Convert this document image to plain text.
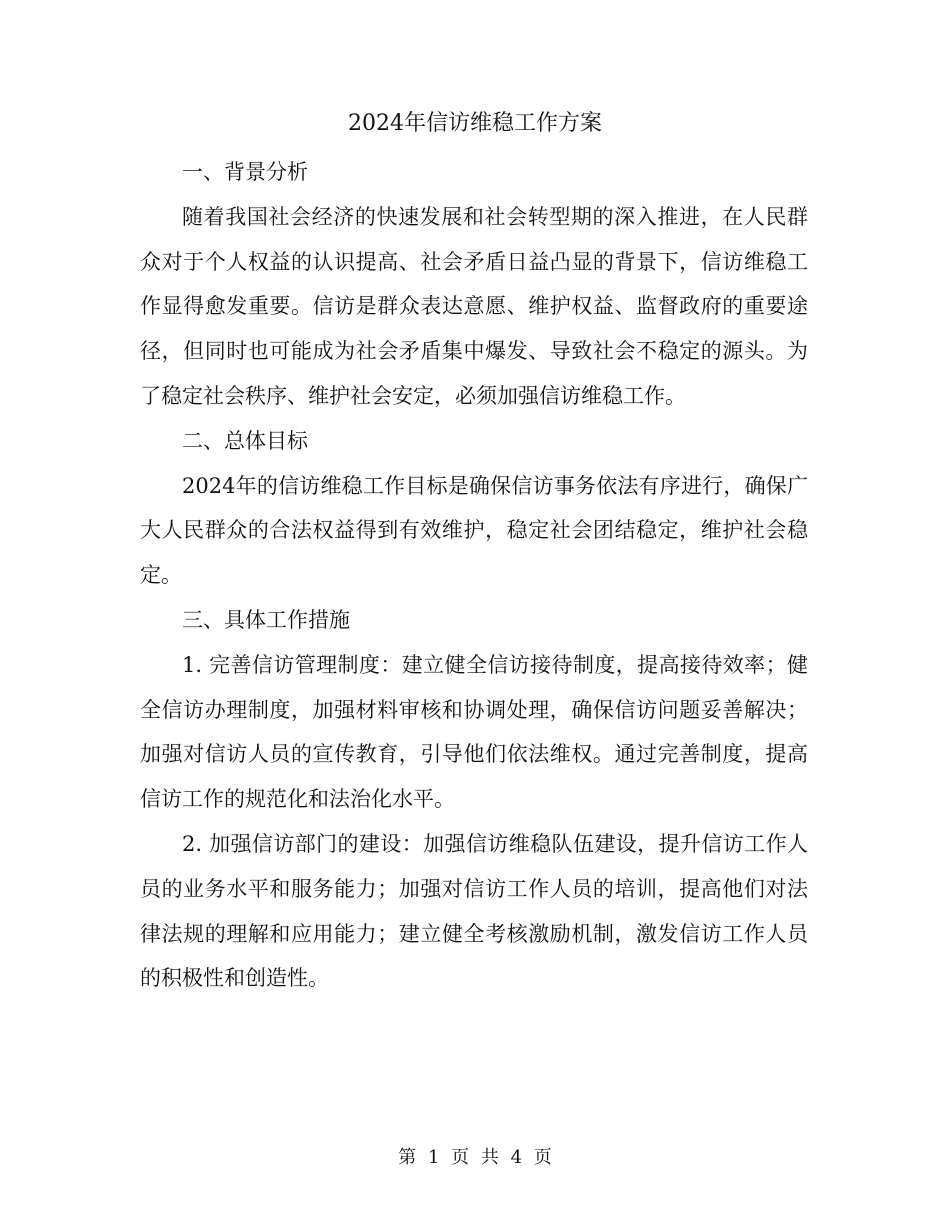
2024年信访维稳工作方案

一、背景分析

随着我国社会经济的快速发展和社会转型期的深入推进，在人民群众对于个人权益的认识提高、社会矛盾日益凸显的背景下，信访维稳工作显得愈发重要。信访是群众表达意愿、维护权益、监督政府的重要途径，但同时也可能成为社会矛盾集中爆发、导致社会不稳定的源头。为了稳定社会秩序、维护社会安定，必须加强信访维稳工作。

二、总体目标

2024年的信访维稳工作目标是确保信访事务依法有序进行，确保广大人民群众的合法权益得到有效维护，稳定社会团结稳定，维护社会稳定。

三、具体工作措施

1. 完善信访管理制度：建立健全信访接待制度，提高接待效率；健全信访办理制度，加强材料审核和协调处理，确保信访问题妥善解决；加强对信访人员的宣传教育，引导他们依法维权。通过完善制度，提高信访工作的规范化和法治化水平。

2. 加强信访部门的建设：加强信访维稳队伍建设，提升信访工作人员的业务水平和服务能力；加强对信访工作人员的培训，提高他们对法律法规的理解和应用能力；建立健全考核激励机制，激发信访工作人员的积极性和创造性。

第 1 页 共 4 页
